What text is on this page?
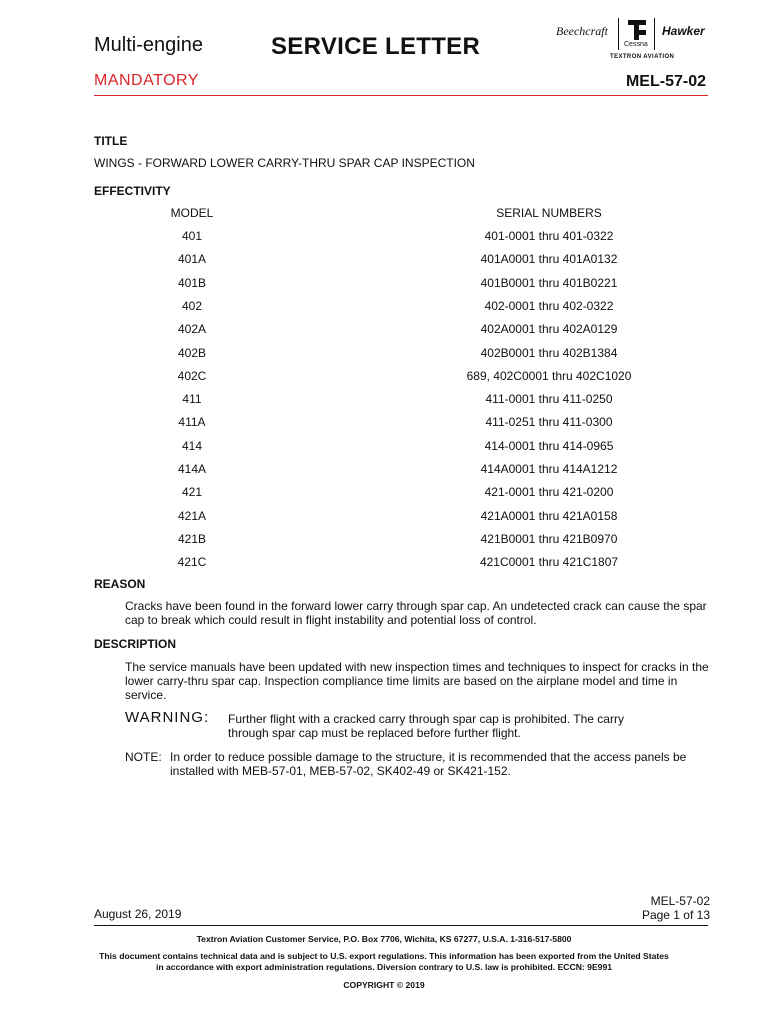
Multi-engine	SERVICE LETTER
Beechcraft
Cessna
Hawker
TEXTRON AVIATION
MANDATORY	MEL-57-02
TITLE
WINGS - FORWARD LOWER CARRY-THRU SPAR CAP INSPECTION
EFFECTIVITY
MODEL	SERIAL NUMBERS
401	401-0001 thru 401-0322
401A	401A0001 thru 401A0132
401B	401B0001 thru 401B0221
402	402-0001 thru 402-0322
402A	402A0001 thru 402A0129
402B	402B0001 thru 402B1384
402C	689, 402C0001 thru 402C1020
411	411-0001 thru 411-0250
411A	411-0251 thru 411-0300
414	414-0001 thru 414-0965
414A	414A0001 thru 414A1212
421	421-0001 thru 421-0200
421A	421A0001 thru 421A0158
421B	421B0001 thru 421B0970
421C	421C0001 thru 421C1807
REASON
Cracks have been found in the forward lower carry through spar cap. An undetected crack can cause the spar cap to break which could result in flight instability and potential loss of control.
DESCRIPTION
The service manuals have been updated with new inspection times and techniques to inspect for cracks in the lower carry-thru spar cap. Inspection compliance time limits are based on the airplane model and time in service.
WARNING: Further flight with a cracked carry through spar cap is prohibited. The carry through spar cap must be replaced before further flight.
NOTE: In order to reduce possible damage to the structure, it is recommended that the access panels be installed with MEB-57-01, MEB-57-02, SK402-49 or SK421-152.
August 26, 2019
MEL-57-02
Page 1 of 13
Textron Aviation Customer Service, P.O. Box 7706, Wichita, KS 67277, U.S.A. 1-316-517-5800
This document contains technical data and is subject to U.S. export regulations. This information has been exported from the United States
in accordance with export administration regulations. Diversion contrary to U.S. law is prohibited. ECCN: 9E991
COPYRIGHT © 2019
